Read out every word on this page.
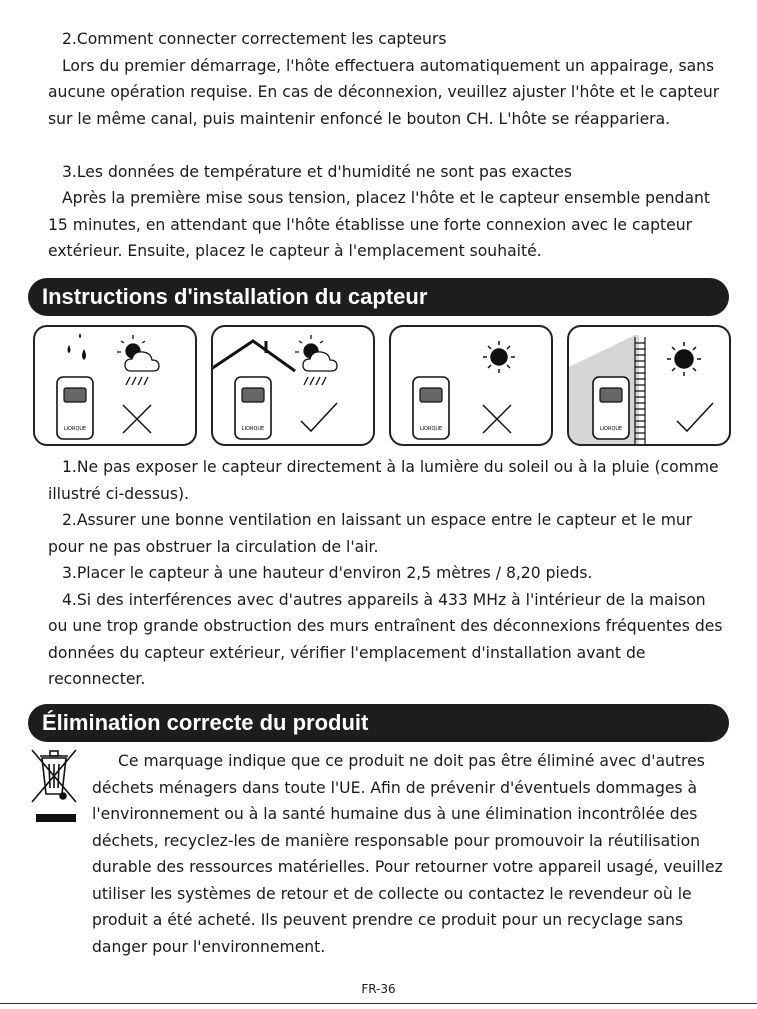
2.Comment connecter correctement les capteurs

Lors du premier démarrage, l'hôte effectuera automatiquement un appairage, sans aucune opération requise. En cas de déconnexion, veuillez ajuster l'hôte et le capteur sur le même canal, puis maintenir enfoncé le bouton CH. L'hôte se réappariera.

3.Les données de température et d'humidité ne sont pas exactes

Après la première mise sous tension, placez l'hôte et le capteur ensemble pendant 15 minutes, en attendant que l'hôte établisse une forte connexion avec le capteur extérieur. Ensuite, placez le capteur à l'emplacement souhaité.

Instructions d'installation du capteur
LIORQUE	LIORQUE	LIORQUE	LIORQUE

1.Ne pas exposer le capteur directement à la lumière du soleil ou à la pluie (comme illustré ci-dessus).

2.Assurer une bonne ventilation en laissant un espace entre le capteur et le mur pour ne pas obstruer la circulation de l'air.

3.Placer le capteur à une hauteur d'environ 2,5 mètres / 8,20 pieds.

4.Si des interférences avec d'autres appareils à 433 MHz à l'intérieur de la maison ou une trop grande obstruction des murs entraînent des déconnexions fréquentes des données du capteur extérieur, vérifier l'emplacement d'installation avant de reconnecter.

Élimination correcte du produit

Ce marquage indique que ce produit ne doit pas être éliminé avec d'autres déchets ménagers dans toute l'UE. Afin de prévenir d'éventuels dommages à l'environnement ou à la santé humaine dus à une élimination incontrôlée des déchets, recyclez-les de manière responsable pour promouvoir la réutilisation durable des ressources matérielles. Pour retourner votre appareil usagé, veuillez utiliser les systèmes de retour et de collecte ou contactez le revendeur où le produit a été acheté. Ils peuvent prendre ce produit pour un recyclage sans danger pour l'environnement.

FR-36
